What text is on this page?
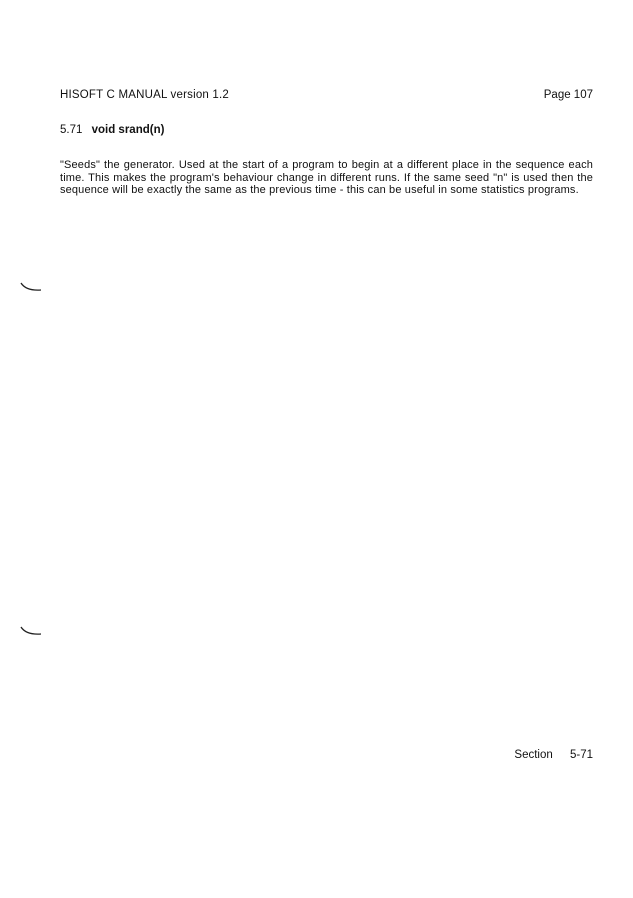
HISOFT C MANUAL version 1.2	Page 107
5.71 void srand(n)
"Seeds" the generator. Used at the start of a program to begin at a different place in the sequence each time. This makes the program's behaviour change in different runs. If the same seed "n" is used then the sequence will be exactly the same as the previous time - this can be useful in some statistics programs.
Section 5-71
